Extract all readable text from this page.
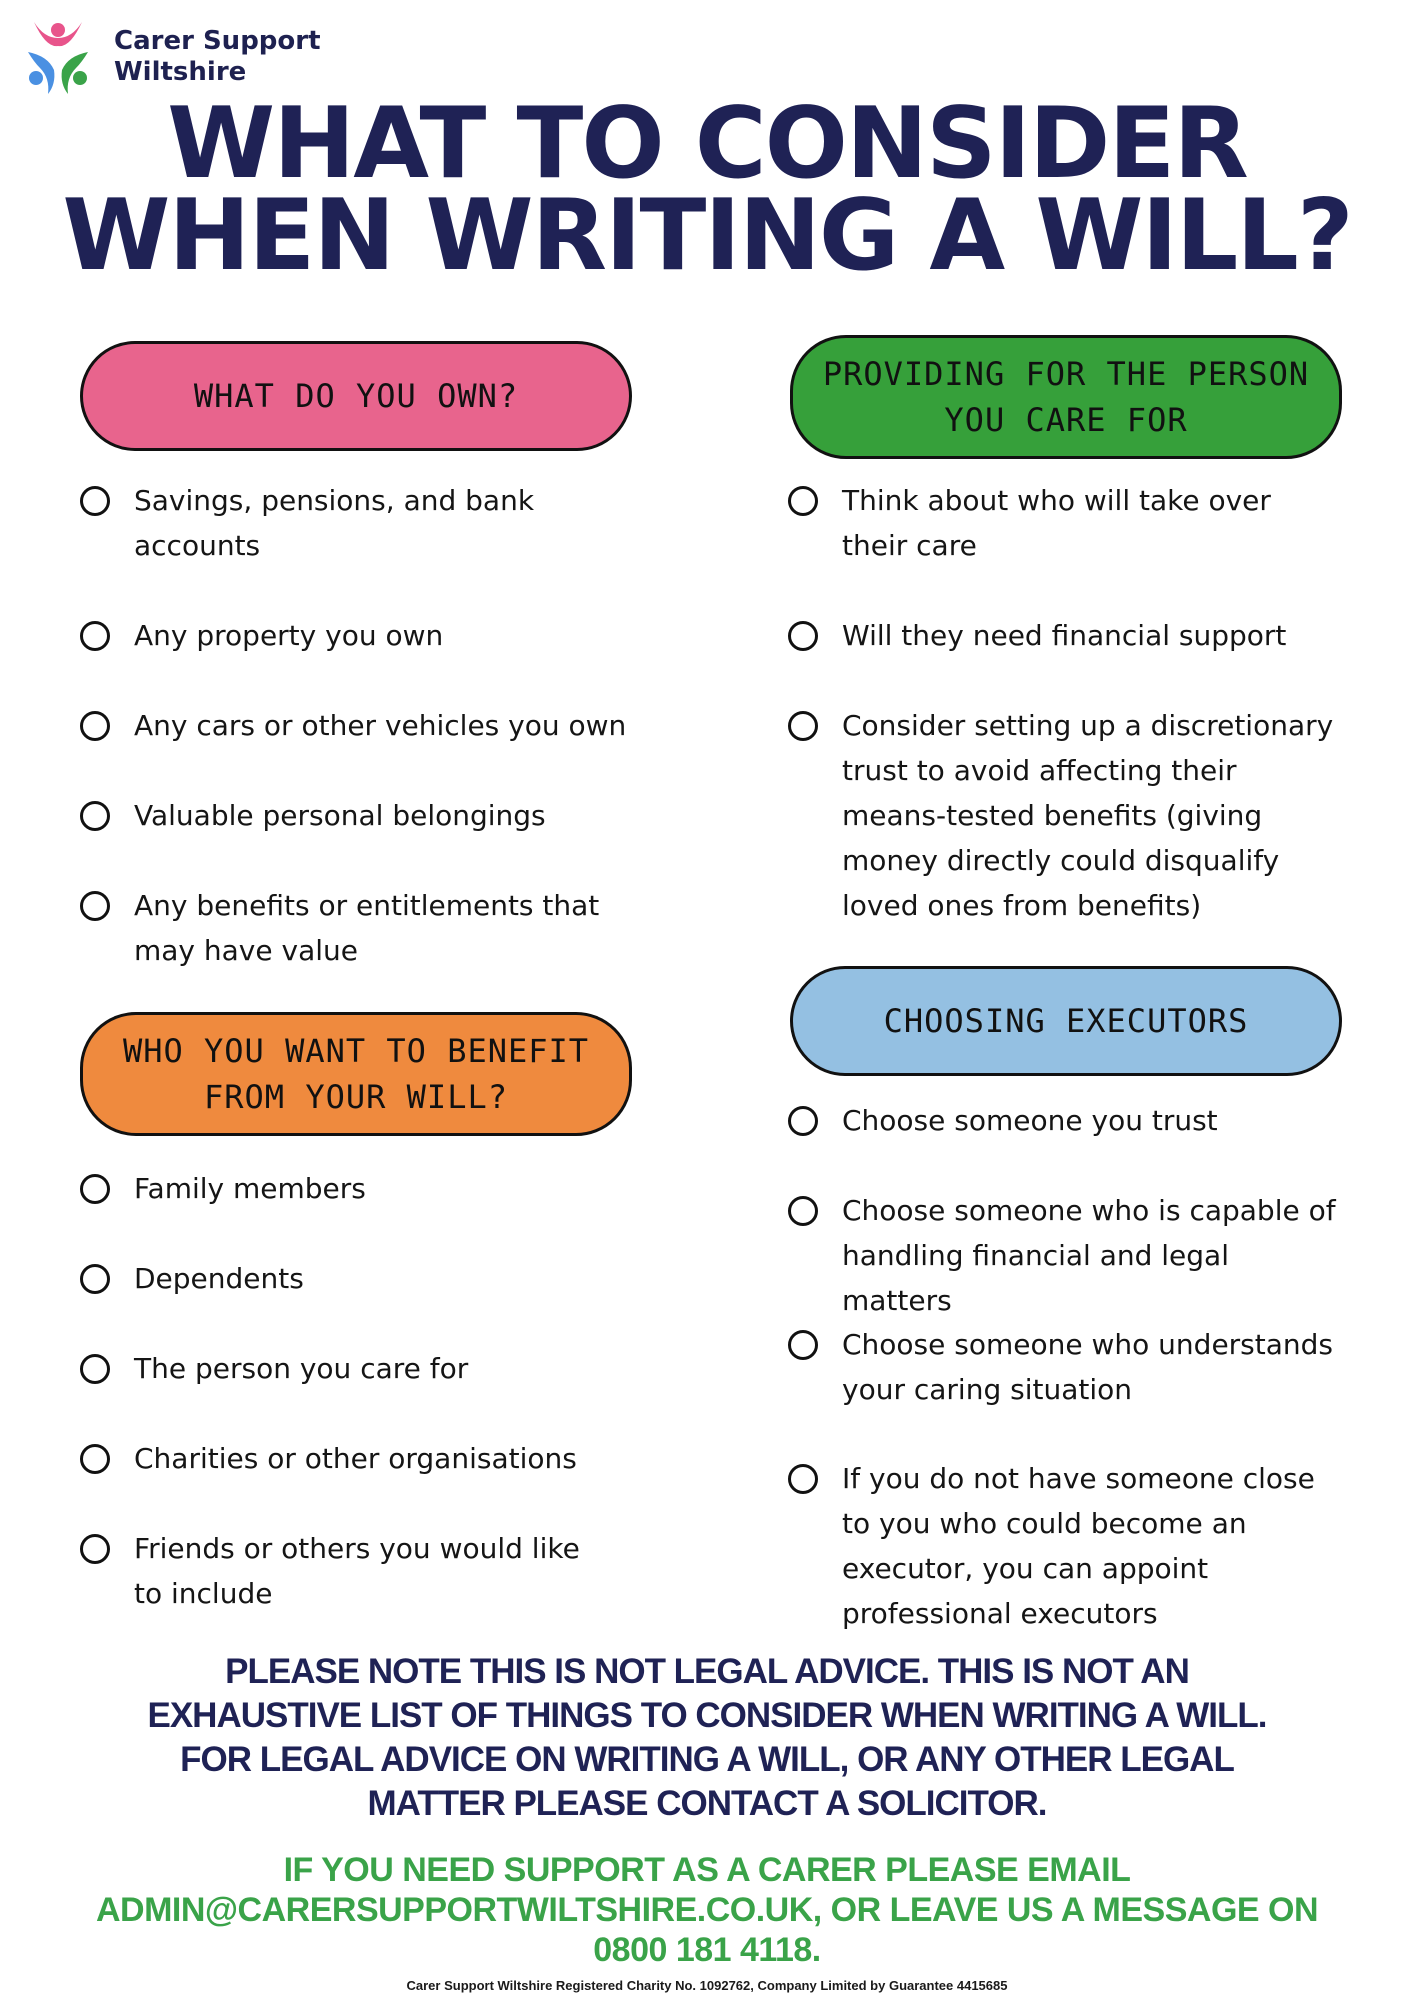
Carer Support
Wiltshire
WHAT TO CONSIDER
WHEN WRITING A WILL?
WHAT DO YOU OWN?
Savings, pensions, and bank accounts
Any property you own
Any cars or other vehicles you own
Valuable personal belongings
Any benefits or entitlements that may have value
WHO YOU WANT TO BENEFIT
FROM YOUR WILL?
Family members
Dependents
The person you care for
Charities or other organisations
Friends or others you would like to include
PROVIDING FOR THE PERSON
YOU CARE FOR
Think about who will take over their care
Will they need financial support
Consider setting up a discretionary trust to avoid affecting their means-tested benefits (giving money directly could disqualify loved ones from benefits)
CHOOSING EXECUTORS
Choose someone you trust
Choose someone who is capable of handling financial and legal matters
Choose someone who understands your caring situation
If you do not have someone close to you who could become an executor, you can appoint professional executors
PLEASE NOTE THIS IS NOT LEGAL ADVICE. THIS IS NOT AN
EXHAUSTIVE LIST OF THINGS TO CONSIDER WHEN WRITING A WILL.
FOR LEGAL ADVICE ON WRITING A WILL, OR ANY OTHER LEGAL
MATTER PLEASE CONTACT A SOLICITOR.
IF YOU NEED SUPPORT AS A CARER PLEASE EMAIL
ADMIN@CARERSUPPORTWILTSHIRE.CO.UK, OR LEAVE US A MESSAGE ON
0800 181 4118.
Carer Support Wiltshire Registered Charity No. 1092762, Company Limited by Guarantee 4415685
